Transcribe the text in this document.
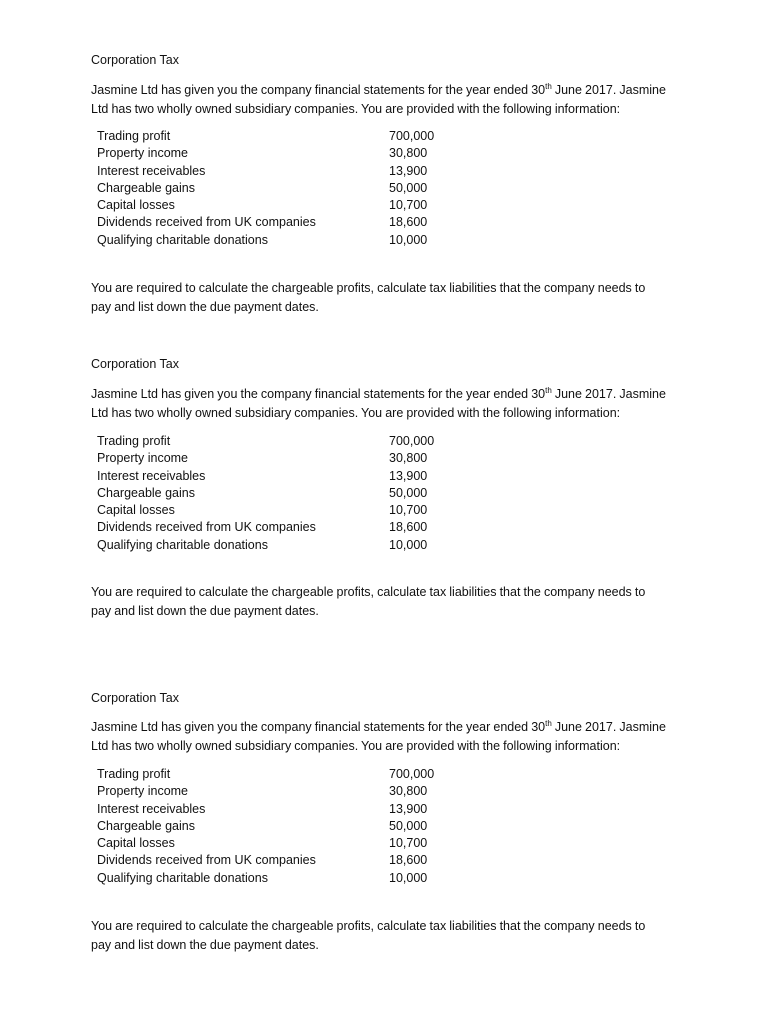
Corporation Tax

Jasmine Ltd has given you the company financial statements for the year ended 30th June 2017. Jasmine
Ltd has two wholly owned subsidiary companies. You are provided with the following information:

Trading profit	700,000
Property income	30,800
Interest receivables	13,900
Chargeable gains	50,000
Capital losses	10,700
Dividends received from UK companies	18,600
Qualifying charitable donations	10,000

You are required to calculate the chargeable profits, calculate tax liabilities that the company needs to
pay and list down the due payment dates.

Corporation Tax

Jasmine Ltd has given you the company financial statements for the year ended 30th June 2017. Jasmine
Ltd has two wholly owned subsidiary companies. You are provided with the following information:

Trading profit	700,000
Property income	30,800
Interest receivables	13,900
Chargeable gains	50,000
Capital losses	10,700
Dividends received from UK companies	18,600
Qualifying charitable donations	10,000

You are required to calculate the chargeable profits, calculate tax liabilities that the company needs to
pay and list down the due payment dates.

Corporation Tax

Jasmine Ltd has given you the company financial statements for the year ended 30th June 2017. Jasmine
Ltd has two wholly owned subsidiary companies. You are provided with the following information:

Trading profit	700,000
Property income	30,800
Interest receivables	13,900
Chargeable gains	50,000
Capital losses	10,700
Dividends received from UK companies	18,600
Qualifying charitable donations	10,000

You are required to calculate the chargeable profits, calculate tax liabilities that the company needs to
pay and list down the due payment dates.
